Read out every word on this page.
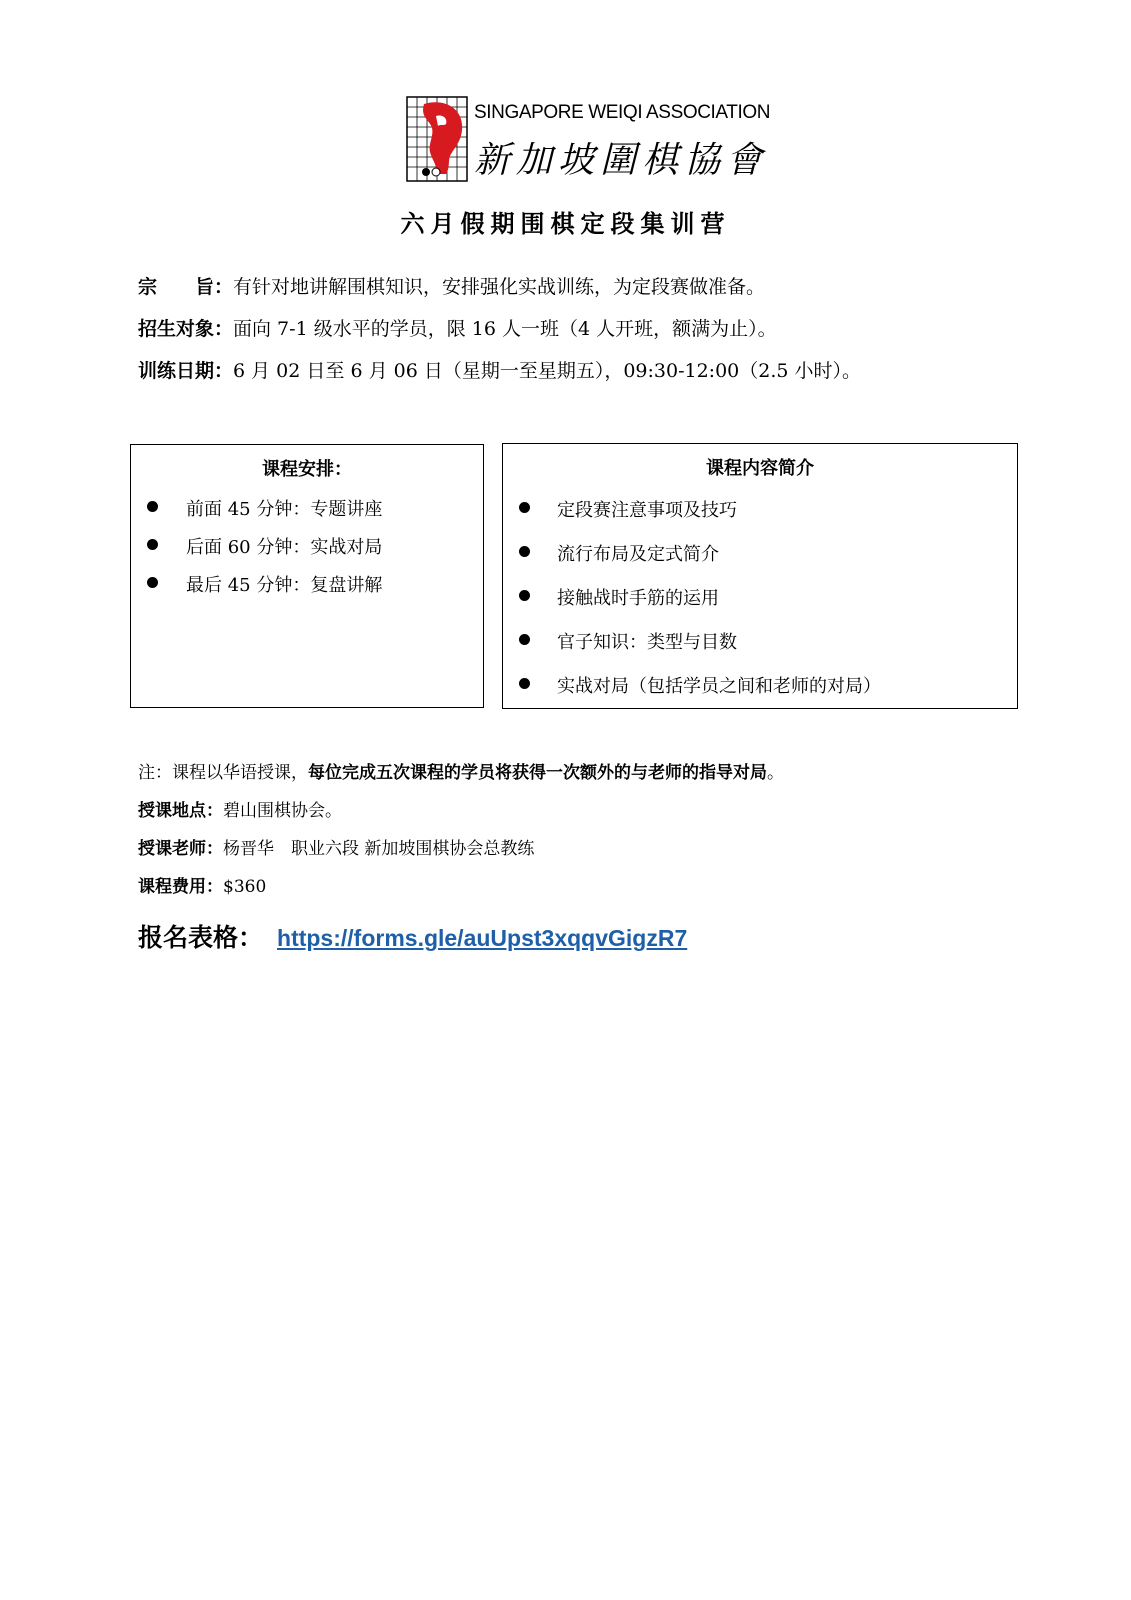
SINGAPORE WEIQI ASSOCIATION
新加坡圍棋協會
六月假期围棋定段集训营
宗　　旨：有针对地讲解围棋知识，安排强化实战训练，为定段赛做准备。
招生对象：面向 7-1 级水平的学员，限 16 人一班（4 人开班，额满为止）。
训练日期：6 月 02 日至 6 月 06 日（星期一至星期五），09:30-12:00（2.5 小时）。
课程安排：
前面 45 分钟：专题讲座
后面 60 分钟：实战对局
最后 45 分钟：复盘讲解
课程内容简介
定段赛注意事项及技巧
流行布局及定式简介
接触战时手筋的运用
官子知识：类型与目数
实战对局（包括学员之间和老师的对局）
注：课程以华语授课，每位完成五次课程的学员将获得一次额外的与老师的指导对局。
授课地点：碧山围棋协会。
授课老师：杨晋华　职业六段 新加坡围棋协会总教练
课程费用：$360
报名表格： https://forms.gle/auUpst3xqqvGigzR7
